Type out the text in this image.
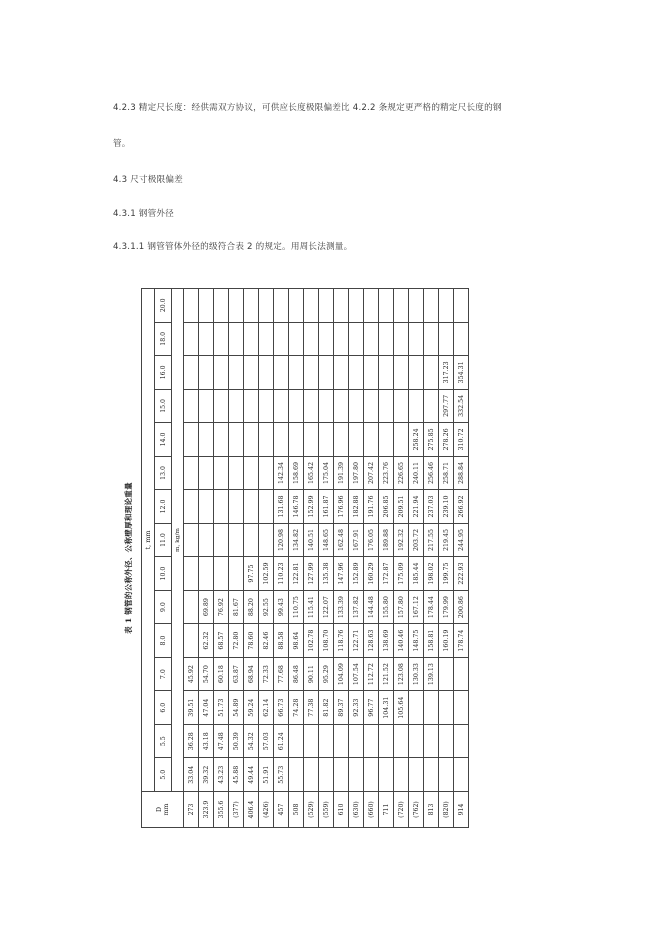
4.2.3 精定尺长度：经供需双方协议，可供应长度极限偏差比 4.2.2 条规定更严格的精定尺长度的钢
管。
4.3 尺寸极限偏差
4.3.1 钢管外径
4.3.1.1 钢管管体外径的级符合表 2 的规定。用周长法测量。
表 1 钢管的公称外径、公称壁厚和理论重量
D mm	t, mm														
	5.0	5.5	6.0	7.0	8.0	9.0	10.0	11.0	12.0	13.0	14.0	15.0	16.0	18.0	20.0
	m, kg/m														
273	33.04	36.28	39.51	45.92											
323.9	39.32	43.18	47.04	54.70	62.32	69.89									
355.6	43.23	47.48	51.73	60.18	68.57	76.92									
(377)	45.88	50.39	54.89	63.87	72.80	81.67									
406.4	49.44	54.32	59.24	68.94	78.60	88.20	97.75								
(426)	51.91	57.03	62.14	72.33	82.46	92.55	102.59								
457	55.73	61.24	66.73	77.68	88.58	99.43	110.23	120.98	131.68	142.34					
508			74.28	86.48	98.64	110.75	122.81	134.82	146.78	158.69					
(529)			77.38	90.11	102.78	115.41	127.99	140.51	152.99	165.42					
(559)			81.82	95.29	108.70	122.07	135.38	148.65	161.87	175.04					
610			89.37	104.09	118.76	133.39	147.96	162.48	176.96	191.39					
(630)			92.33	107.54	122.71	137.82	152.89	167.91	182.88	197.80					
(660)			96.77	112.72	128.63	144.48	160.29	176.05	191.76	207.42					
711			104.31	121.52	138.69	155.80	172.87	189.88	206.85	223.76					
(720)			105.64	123.08	140.46	157.80	175.09	192.32	209.51	226.65					
(762)				130.33	148.75	167.12	185.44	203.72	221.94	240.11	258.24				
813				139.13	158.81	178.44	198.02	217.55	237.03	256.46	275.85				
(820)					160.19	179.99	199.75	219.45	239.10	258.71	278.26	297.77	317.23		
914					178.74	200.86	222.93	244.95	266.92	288.84	310.72	332.54	354.31		
